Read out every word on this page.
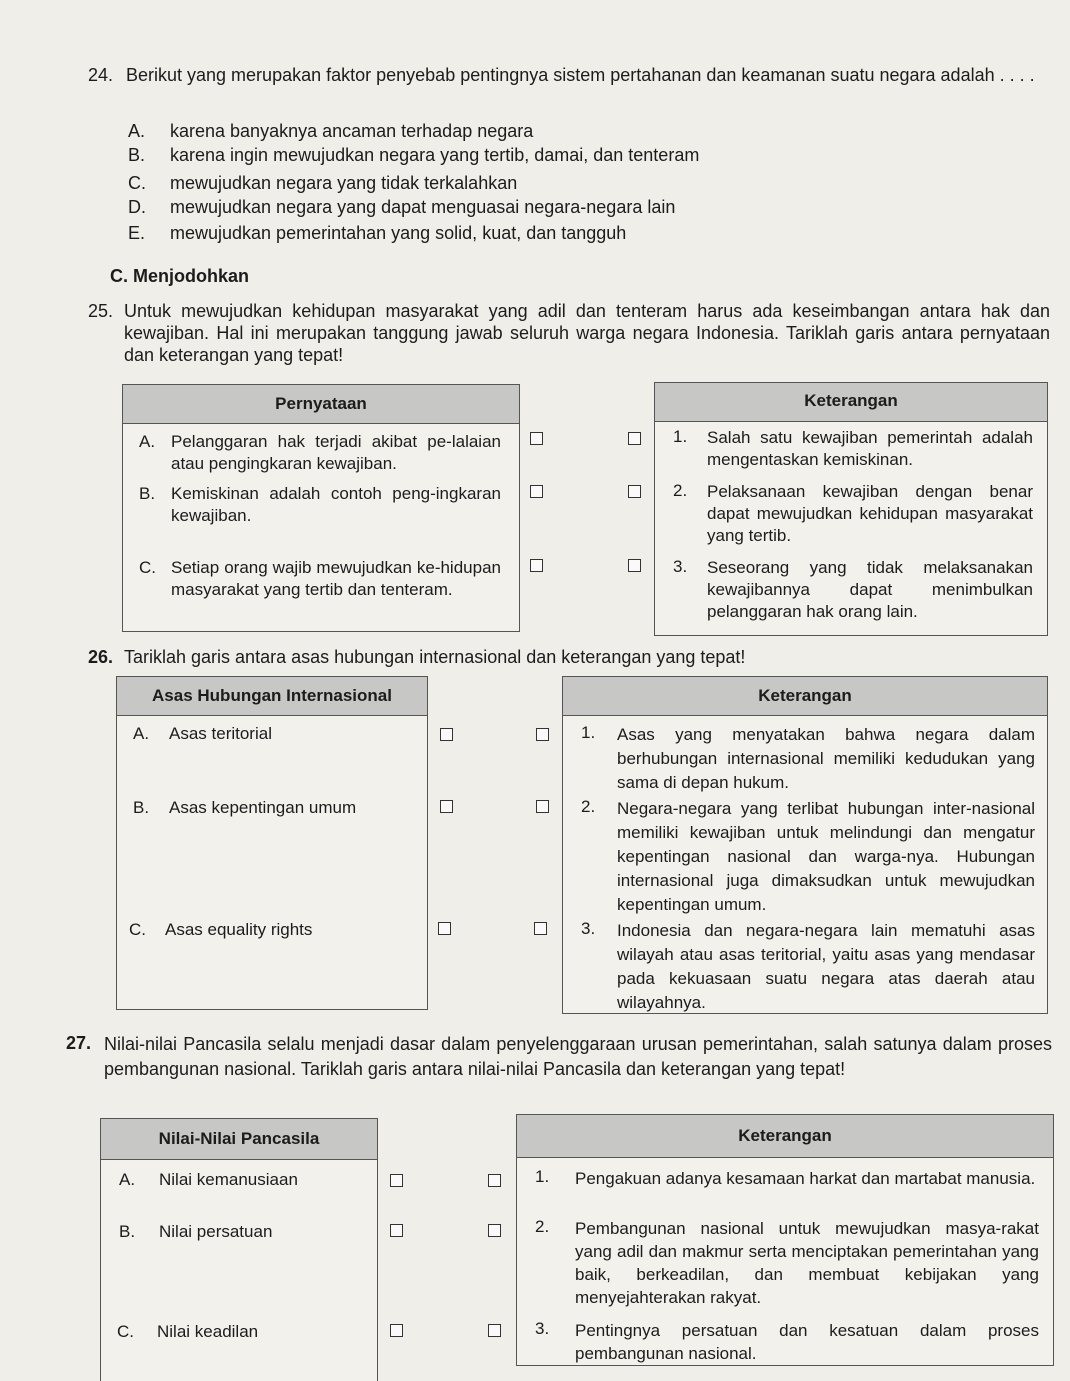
24. Berikut yang merupakan faktor penyebab pentingnya sistem pertahanan dan keamanan suatu negara adalah . . . .
A. karena banyaknya ancaman terhadap negara
B. karena ingin mewujudkan negara yang tertib, damai, dan tenteram
C. mewujudkan negara yang tidak terkalahkan
D. mewujudkan negara yang dapat menguasai negara-negara lain
E. mewujudkan pemerintahan yang solid, kuat, dan tangguh
C. Menjodohkan
25. Untuk mewujudkan kehidupan masyarakat yang adil dan tenteram harus ada keseimbangan antara hak dan kewajiban. Hal ini merupakan tanggung jawab seluruh warga negara Indonesia. Tariklah garis antara pernyataan dan keterangan yang tepat!
Pernyataan
A. Pelanggaran hak terjadi akibat pe-lalaian atau pengingkaran kewajiban.
B. Kemiskinan adalah contoh peng-ingkaran kewajiban.
C. Setiap orang wajib mewujudkan ke-hidupan masyarakat yang tertib dan tenteram.
Keterangan
1. Salah satu kewajiban pemerintah adalah mengentaskan kemiskinan.
2. Pelaksanaan kewajiban dengan benar dapat mewujudkan kehidupan masyarakat yang tertib.
3. Seseorang yang tidak melaksanakan kewajibannya dapat menimbulkan pelanggaran hak orang lain.
26. Tariklah garis antara asas hubungan internasional dan keterangan yang tepat!
Asas Hubungan Internasional
A. Asas teritorial
B. Asas kepentingan umum
C. Asas equality rights
Keterangan
1. Asas yang menyatakan bahwa negara dalam berhubungan internasional memiliki kedudukan yang sama di depan hukum.
2. Negara-negara yang terlibat hubungan inter-nasional memiliki kewajiban untuk melindungi dan mengatur kepentingan nasional dan warga-nya. Hubungan internasional juga dimaksudkan untuk mewujudkan kepentingan umum.
3. Indonesia dan negara-negara lain mematuhi asas wilayah atau asas teritorial, yaitu asas yang mendasar pada kekuasaan suatu negara atas daerah atau wilayahnya.
27. Nilai-nilai Pancasila selalu menjadi dasar dalam penyelenggaraan urusan pemerintahan, salah satunya dalam proses pembangunan nasional. Tariklah garis antara nilai-nilai Pancasila dan keterangan yang tepat!
Nilai-Nilai Pancasila
A. Nilai kemanusiaan
B. Nilai persatuan
C. Nilai keadilan
Keterangan
1. Pengakuan adanya kesamaan harkat dan martabat manusia.
2. Pembangunan nasional untuk mewujudkan masya-rakat yang adil dan makmur serta menciptakan pemerintahan yang baik, berkeadilan, dan membuat kebijakan yang menyejahterakan rakyat.
3. Pentingnya persatuan dan kesatuan dalam proses pembangunan nasional.
